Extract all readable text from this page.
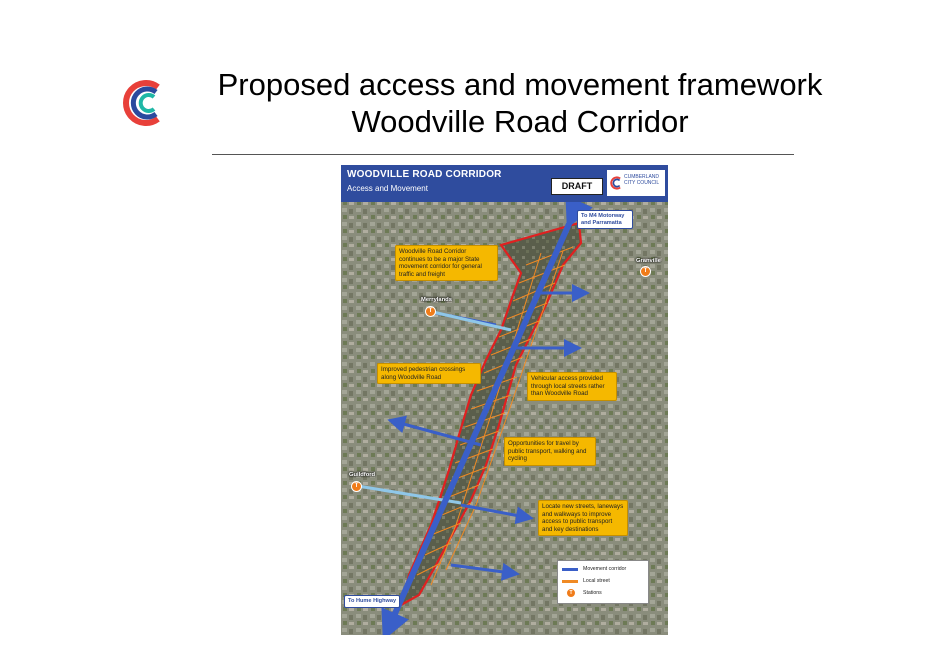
Proposed access and movement framework
Woodville Road Corridor
WOODVILLE ROAD CORRIDOR
Access and Movement	DRAFT
CUMBERLAND
CITY COUNCIL
To M4 Motorway and Parramatta
To Hume Highway
Granville
T
Merrylands
T
Guildford
T
Woodville Road Corridor continues to be a major State movement corridor for general traffic and freight
Improved pedestrian crossings along Woodville Road	Vehicular access provided through local streets rather than Woodville Road
Opportunities for travel by public transport, walking and cycling
Locate new streets, laneways and walkways to improve access to public transport and key destinations
Movement corridor
Local street
T	Stations
